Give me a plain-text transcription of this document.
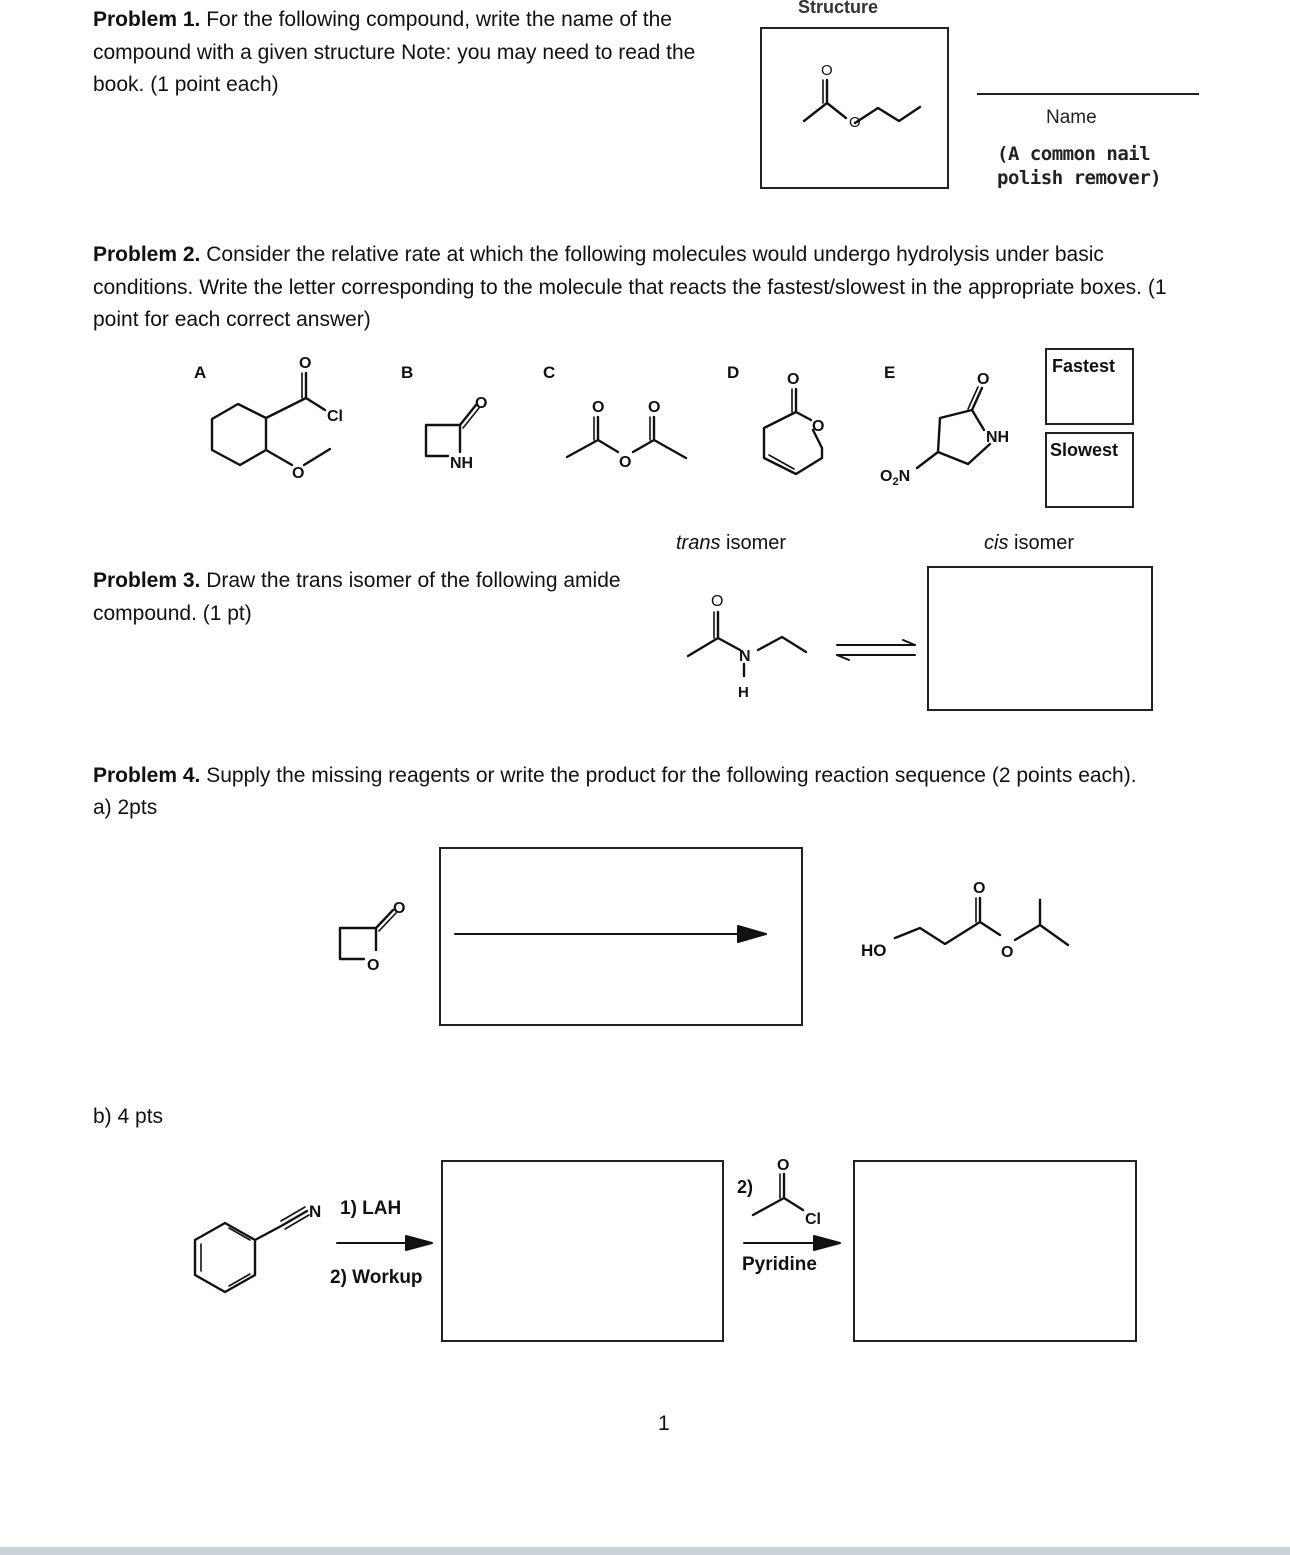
Problem 1. For the following compound, write the name of the compound with a given structure Note: you may need to read the book. (1 point each)
Structure
Name
(A common nail
polish remover)
Problem 2. Consider the relative rate at which the following molecules would undergo hydrolysis under basic conditions. Write the letter corresponding to the molecule that reacts the fastest/slowest in the appropriate boxes. (1 point for each correct answer)
A	B	C	D	E	Fastest
Slowest
Problem 3. Draw the trans isomer of the following amide compound. (1 pt)
trans isomer	cis isomer
Problem 4. Supply the missing reagents or write the product for the following reaction sequence (2 points each).
a) 2pts
b) 4 pts
1) LAH
2) Workup
2)
Pyridine
1
O
O
O
Cl
O
O
NH
O	O
O
O
O
O
NH
$O_2N$
O
N
H
O
O
HO
O
O
N
O
Cl
